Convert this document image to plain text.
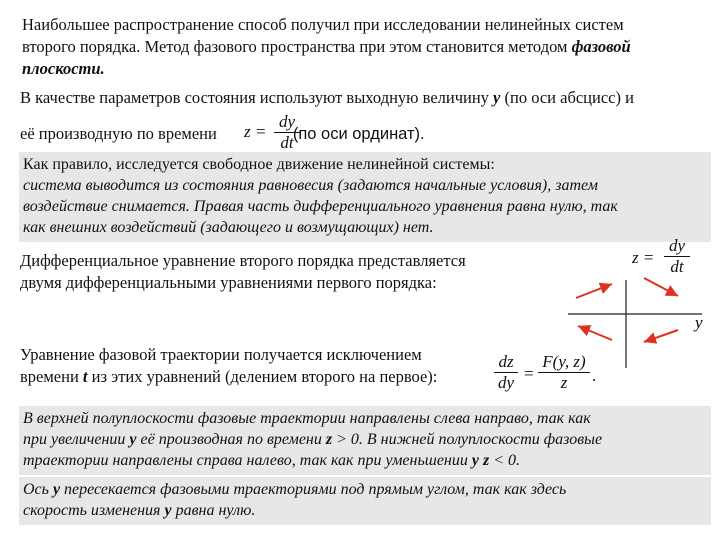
Наибольшее распространение способ получил при исследовании нелинейных систем
второго порядка. Метод фазового пространства при этом становится методом фазовой
плоскости.
В качестве параметров состояния используют выходную величину y (по оси абсцисс) и
её производную по времени	(по оси ординат).
z =
dy
dt
Как правило, исследуется свободное движение нелинейной системы:
система выводится из состояния равновесия (задаются начальные условия), затем
воздействие снимается. Правая часть дифференциального уравнения равна нулю, так
как внешних воздействий (задающего и возмущающих) нет.
Дифференциальное уравнение второго порядка представляется
двумя дифференциальными уравнениями первого порядка:
z =
dy
dt
y
Уравнение фазовой траектории получается исключением
времени t из этих уравнений (делением второго на первое):
dz
dy =
F(y, z)
z	.
В верхней полуплоскости фазовые траектории направлены слева направо, так как
при увеличении y её производная по времени z > 0. В нижней полуплоскости фазовые
траектории направлены справа налево, так как при уменьшении y z < 0.
Ось y пересекается фазовыми траекториями под прямым углом, так как здесь
скорость изменения y равна нулю.
